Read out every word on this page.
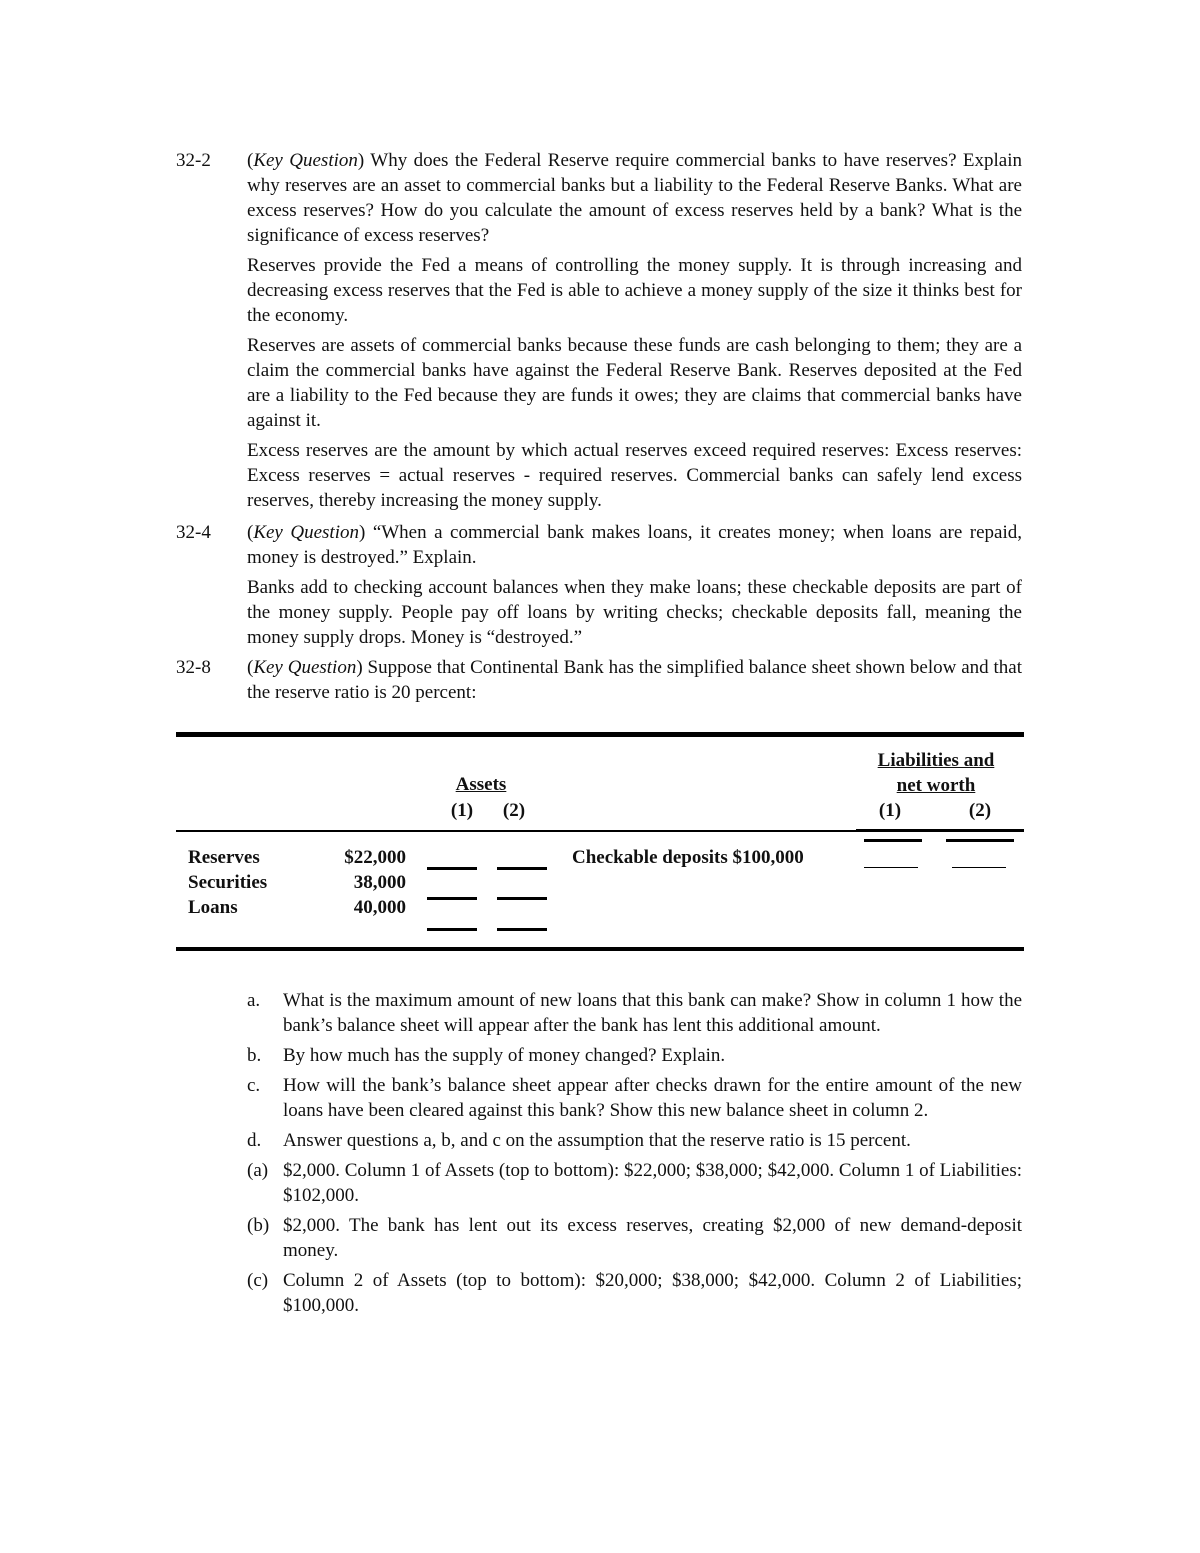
32-2 (Key Question) Why does the Federal Reserve require commercial banks to have reserves? Explain why reserves are an asset to commercial banks but a liability to the Federal Reserve Banks. What are excess reserves? How do you calculate the amount of excess reserves held by a bank? What is the significance of excess reserves?

Reserves provide the Fed a means of controlling the money supply. It is through increasing and decreasing excess reserves that the Fed is able to achieve a money supply of the size it thinks best for the economy.

Reserves are assets of commercial banks because these funds are cash belonging to them; they are a claim the commercial banks have against the Federal Reserve Bank. Reserves deposited at the Fed are a liability to the Fed because they are funds it owes; they are claims that commercial banks have against it.

Excess reserves are the amount by which actual reserves exceed required reserves: Excess reserves: Excess reserves = actual reserves - required reserves. Commercial banks can safely lend excess reserves, thereby increasing the money supply.

32-4 (Key Question) “When a commercial bank makes loans, it creates money; when loans are repaid, money is destroyed.” Explain.

Banks add to checking account balances when they make loans; these checkable deposits are part of the money supply. People pay off loans by writing checks; checkable deposits fall, meaning the money supply drops. Money is “destroyed.”

32-8 (Key Question) Suppose that Continental Bank has the simplified balance sheet shown below and that the reserve ratio is 20 percent:

Assets
(1)	(2)
Liabilities and
net worth
(1)	(2)
Reserves	$22,000
Securities	38,000
Loans	40,000
Checkable deposits $100,000
a. What is the maximum amount of new loans that this bank can make? Show in column 1 how the bank’s balance sheet will appear after the bank has lent this additional amount.
b. By how much has the supply of money changed? Explain.
c. How will the bank’s balance sheet appear after checks drawn for the entire amount of the new loans have been cleared against this bank? Show this new balance sheet in column 2.
d. Answer questions a, b, and c on the assumption that the reserve ratio is 15 percent.
(a) $2,000. Column 1 of Assets (top to bottom): $22,000; $38,000; $42,000. Column 1 of Liabilities: $102,000.
(b) $2,000. The bank has lent out its excess reserves, creating $2,000 of new demand-deposit money.
(c) Column 2 of Assets (top to bottom): $20,000; $38,000; $42,000. Column 2 of Liabilities; $100,000.
